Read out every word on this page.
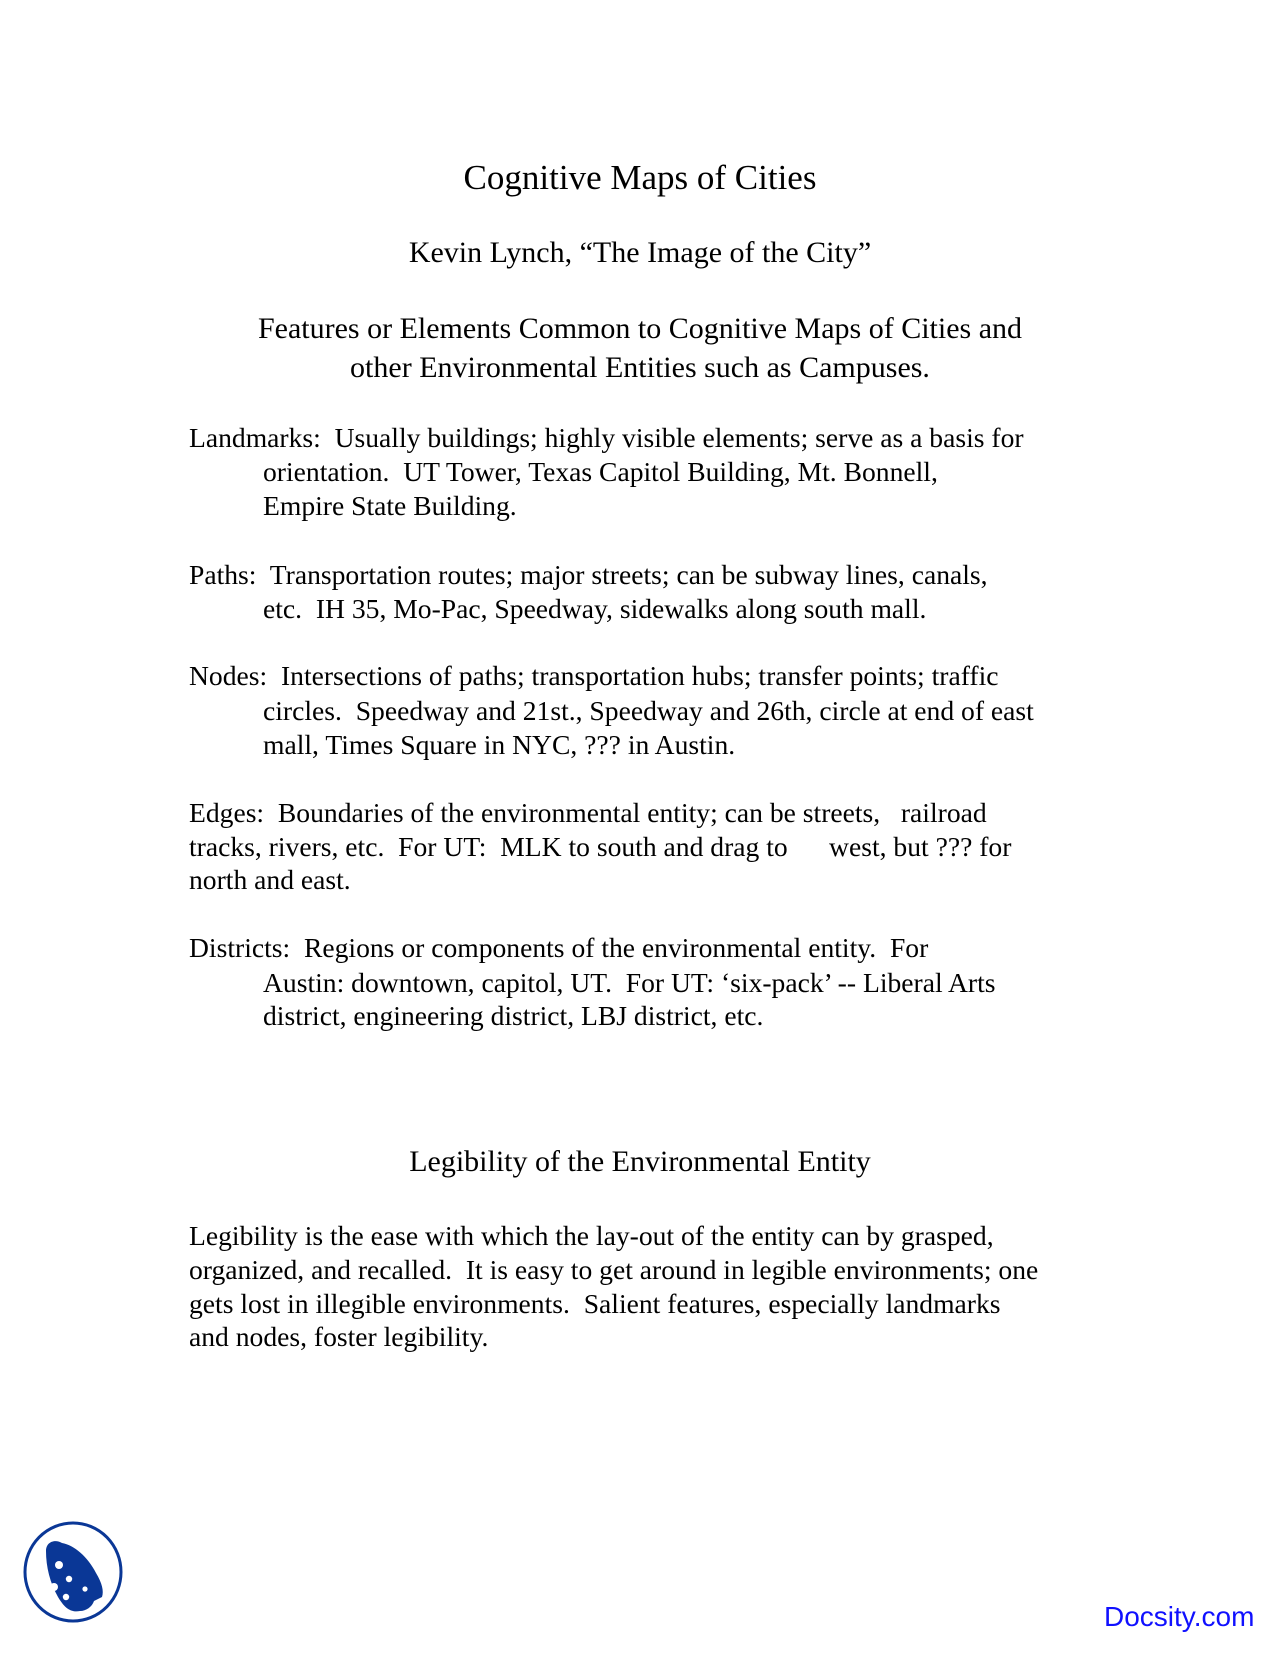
Cognitive Maps of Cities
Kevin Lynch, “The Image of the City”
Features or Elements Common to Cognitive Maps of Cities and
other Environmental Entities such as Campuses.
Landmarks:  Usually buildings; highly visible elements; serve as a basis for
orientation.  UT Tower, Texas Capitol Building, Mt. Bonnell,
Empire State Building.
Paths:  Transportation routes; major streets; can be subway lines, canals,
etc.  IH 35, Mo-Pac, Speedway, sidewalks along south mall.
Nodes:  Intersections of paths; transportation hubs; transfer points; traffic
circles.  Speedway and 21st., Speedway and 26th, circle at end of east
mall, Times Square in NYC, ??? in Austin.
Edges:  Boundaries of the environmental entity; can be streets,   railroad
tracks, rivers, etc.  For UT:  MLK to south and drag to      west, but ??? for
north and east.
Districts:  Regions or components of the environmental entity.  For
Austin: downtown, capitol, UT.  For UT: ‘six-pack’ -- Liberal Arts
district, engineering district, LBJ district, etc.
Legibility of the Environmental Entity
Legibility is the ease with which the lay-out of the entity can by grasped,
organized, and recalled.  It is easy to get around in legible environments; one
gets lost in illegible environments.  Salient features, especially landmarks
and nodes, foster legibility.
Docsity.com
